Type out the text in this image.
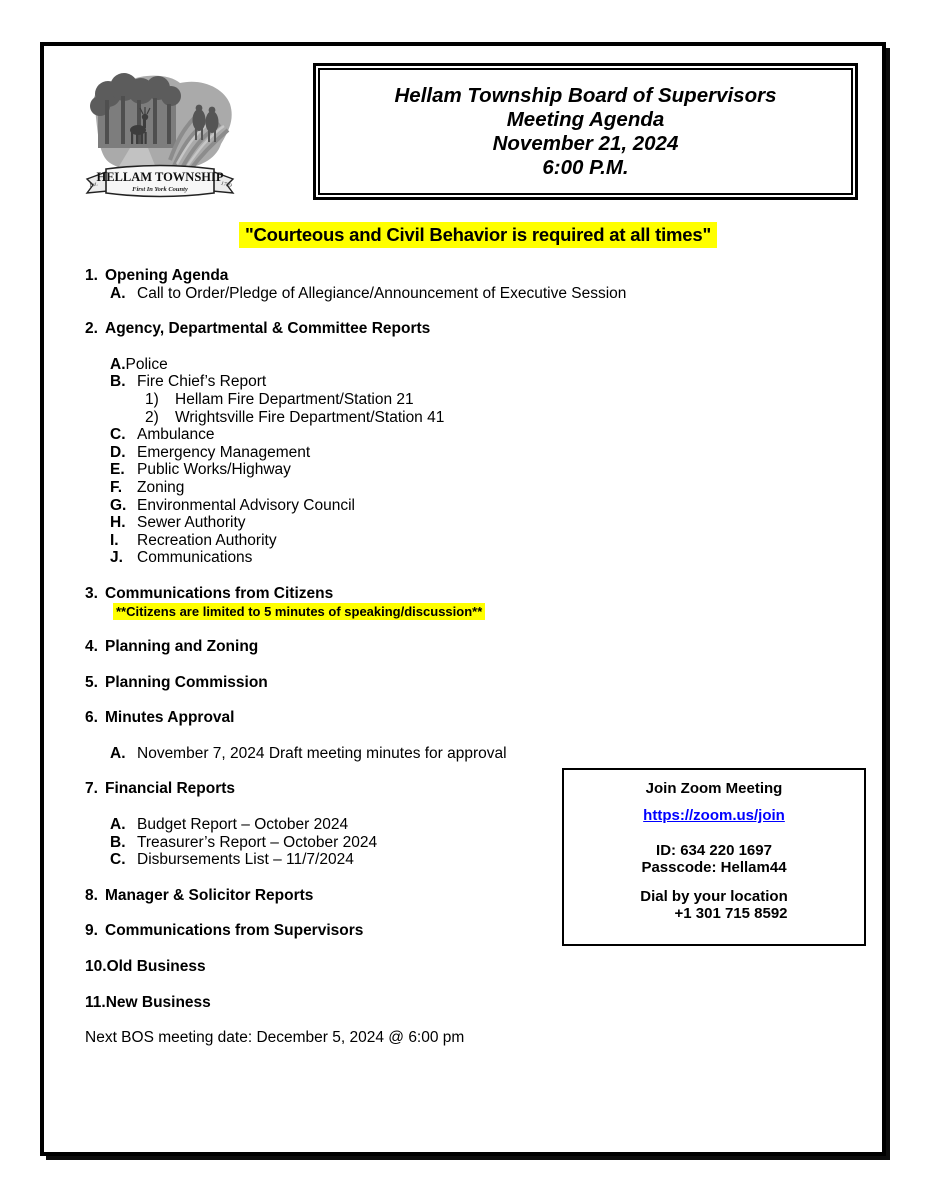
HELLAM TOWNSHIP
First In York County
Est.	1739
Hellam Township Board of Supervisors
Meeting Agenda
November 21, 2024
6:00 P.M.
"Courteous and Civil Behavior is required at all times"
1. Opening Agenda
A. Call to Order/Pledge of Allegiance/Announcement of Executive Session
2. Agency, Departmental & Committee Reports
A. Police
B. Fire Chief’s Report
1)	Hellam Fire Department/Station 21
2)	Wrightsville Fire Department/Station 41
C. Ambulance
D. Emergency Management
E. Public Works/Highway
F. Zoning
G. Environmental Advisory Council
H. Sewer Authority
I.	Recreation Authority
J. Communications
3. Communications from Citizens
**Citizens are limited to 5 minutes of speaking/discussion**
4. Planning and Zoning
5. Planning Commission
6. Minutes Approval
A. November 7, 2024 Draft meeting minutes for approval
7. Financial Reports
A. Budget Report – October 2024
B. Treasurer’s Report – October 2024
C. Disbursements List – 11/7/2024
8. Manager & Solicitor Reports
9. Communications from Supervisors
10. Old Business
11. New Business
Next BOS meeting date: December 5, 2024 @ 6:00 pm
Join Zoom Meeting
https://zoom.us/join
ID: 634 220 1697
Passcode: Hellam44
Dial by your location
+1 301 715 8592
